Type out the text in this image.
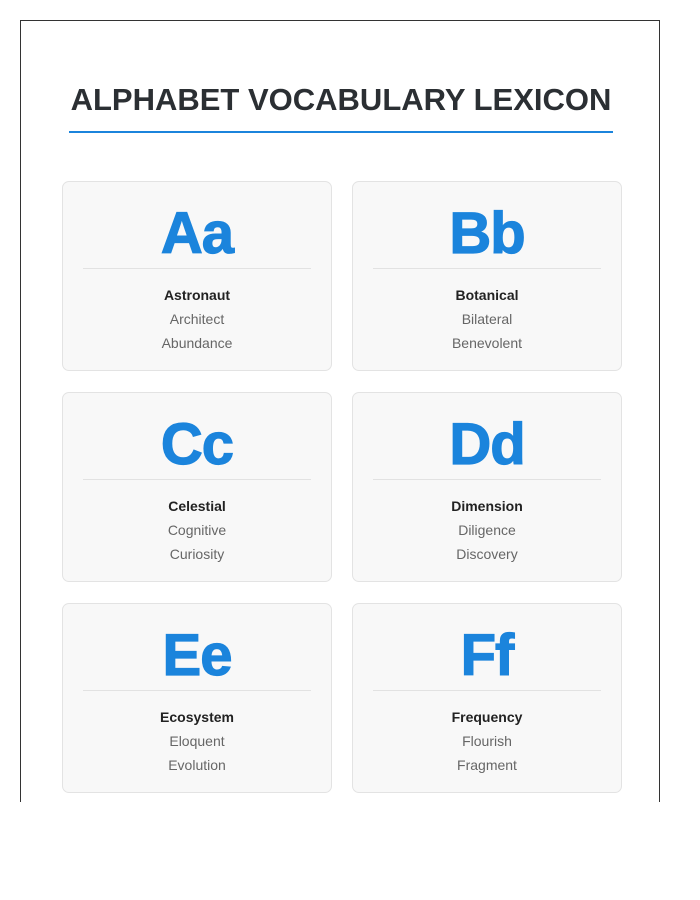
ALPHABET VOCABULARY LEXICON
Aa
Astronaut
Architect
Abundance
Bb
Botanical
Bilateral
Benevolent
Cc
Celestial
Cognitive
Curiosity
Dd
Dimension
Diligence
Discovery
Ee
Ecosystem
Eloquent
Evolution
Ff
Frequency
Flourish
Fragment
